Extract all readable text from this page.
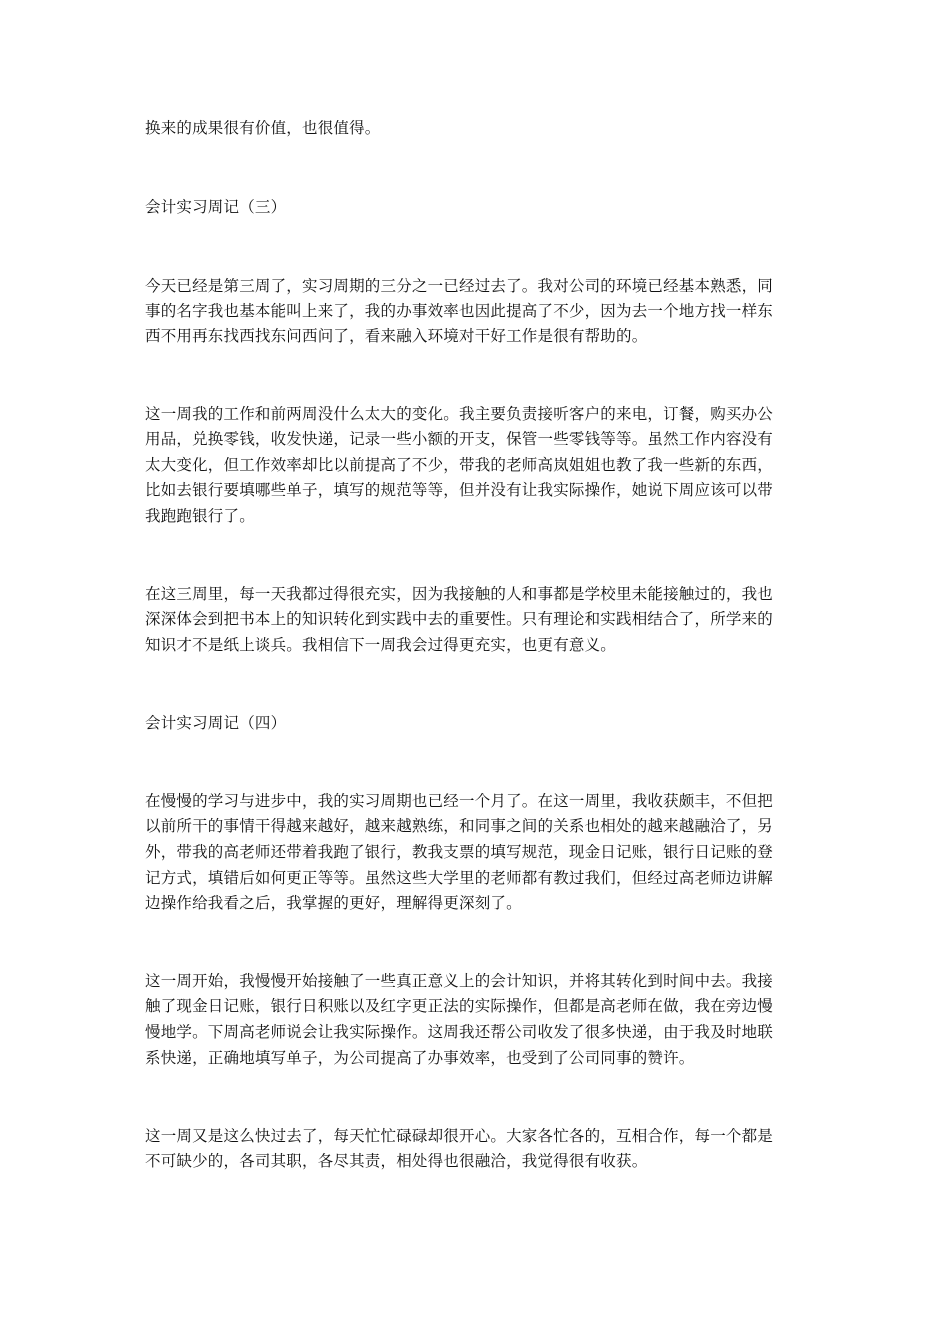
换来的成果很有价值，也很值得。

会计实习周记（三）

今天已经是第三周了，实习周期的三分之一已经过去了。我对公司的环境已经基本熟悉，同

事的名字我也基本能叫上来了，我的办事效率也因此提高了不少，因为去一个地方找一样东

西不用再东找西找东问西问了，看来融入环境对干好工作是很有帮助的。

这一周我的工作和前两周没什么太大的变化。我主要负责接听客户的来电，订餐，购买办公

用品，兑换零钱，收发快递，记录一些小额的开支，保管一些零钱等等。虽然工作内容没有

太大变化，但工作效率却比以前提高了不少，带我的老师高岚姐姐也教了我一些新的东西，

比如去银行要填哪些单子，填写的规范等等，但并没有让我实际操作，她说下周应该可以带

我跑跑银行了。

在这三周里，每一天我都过得很充实，因为我接触的人和事都是学校里未能接触过的，我也

深深体会到把书本上的知识转化到实践中去的重要性。只有理论和实践相结合了，所学来的

知识才不是纸上谈兵。我相信下一周我会过得更充实，也更有意义。

会计实习周记（四）

在慢慢的学习与进步中，我的实习周期也已经一个月了。在这一周里，我收获颇丰，不但把

以前所干的事情干得越来越好，越来越熟练，和同事之间的关系也相处的越来越融洽了，另

外，带我的高老师还带着我跑了银行，教我支票的填写规范，现金日记账，银行日记账的登

记方式，填错后如何更正等等。虽然这些大学里的老师都有教过我们，但经过高老师边讲解

边操作给我看之后，我掌握的更好，理解得更深刻了。

这一周开始，我慢慢开始接触了一些真正意义上的会计知识，并将其转化到时间中去。我接

触了现金日记账，银行日积账以及红字更正法的实际操作，但都是高老师在做，我在旁边慢

慢地学。下周高老师说会让我实际操作。这周我还帮公司收发了很多快递，由于我及时地联

系快递，正确地填写单子，为公司提高了办事效率，也受到了公司同事的赞许。

这一周又是这么快过去了，每天忙忙碌碌却很开心。大家各忙各的，互相合作，每一个都是

不可缺少的，各司其职，各尽其责，相处得也很融洽，我觉得很有收获。
